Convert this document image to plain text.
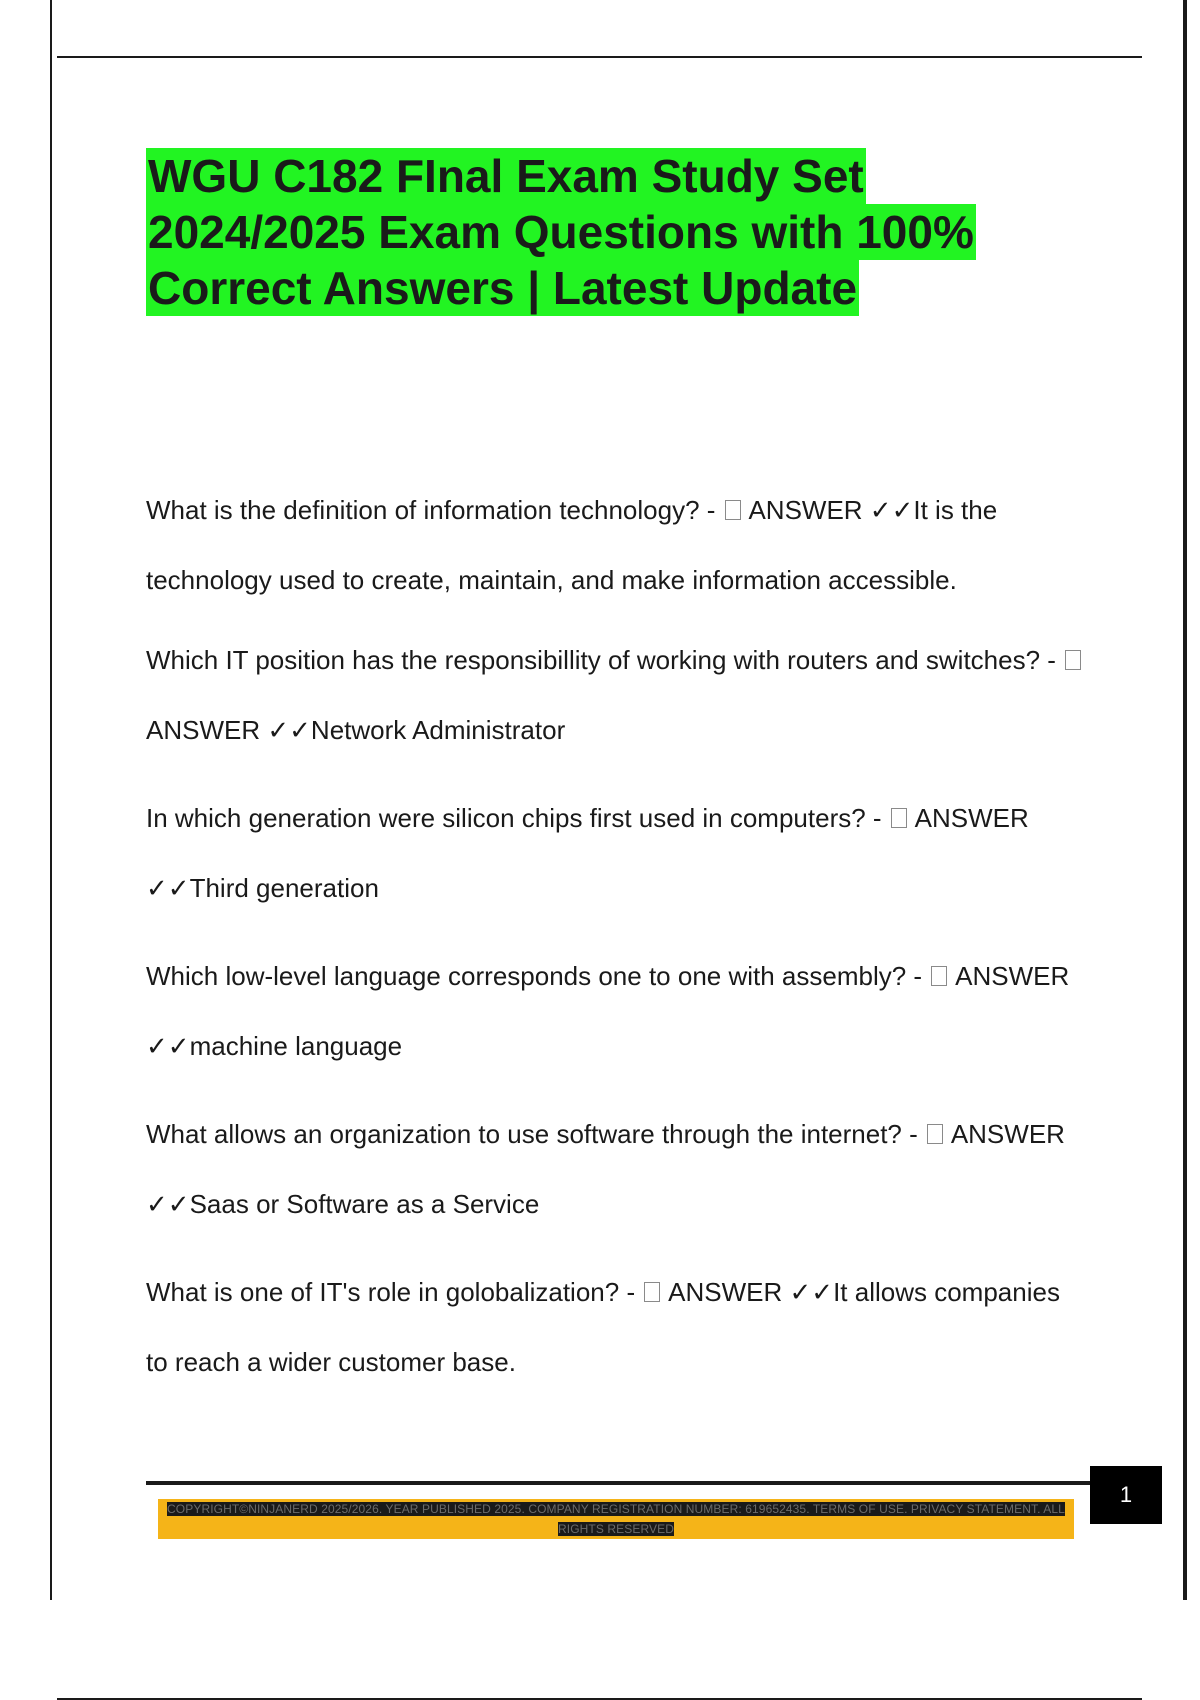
WGU C182 FInal Exam Study Set
2024/2025 Exam Questions with 100%
Correct Answers | Latest Update

What is the definition of information technology? - ANSWER ✓✓It is the technology used to create, maintain, and make information accessible.

Which IT position has the responsibillity of working with routers and switches? -  ANSWER ✓✓Network Administrator

In which generation were silicon chips first used in computers? - ANSWER ✓✓Third generation

Which low-level language corresponds one to one with assembly? - ANSWER ✓✓machine language

What allows an organization to use software through the internet? - ANSWER ✓✓Saas or Software as a Service

What is one of IT's role in golobalization? - ANSWER ✓✓It allows companies to reach a wider customer base.

1
COPYRIGHT©NINJANERD 2025/2026. YEAR PUBLISHED 2025. COMPANY REGISTRATION NUMBER: 619652435. TERMS OF USE. PRIVACY STATEMENT. ALL RIGHTS RESERVED
